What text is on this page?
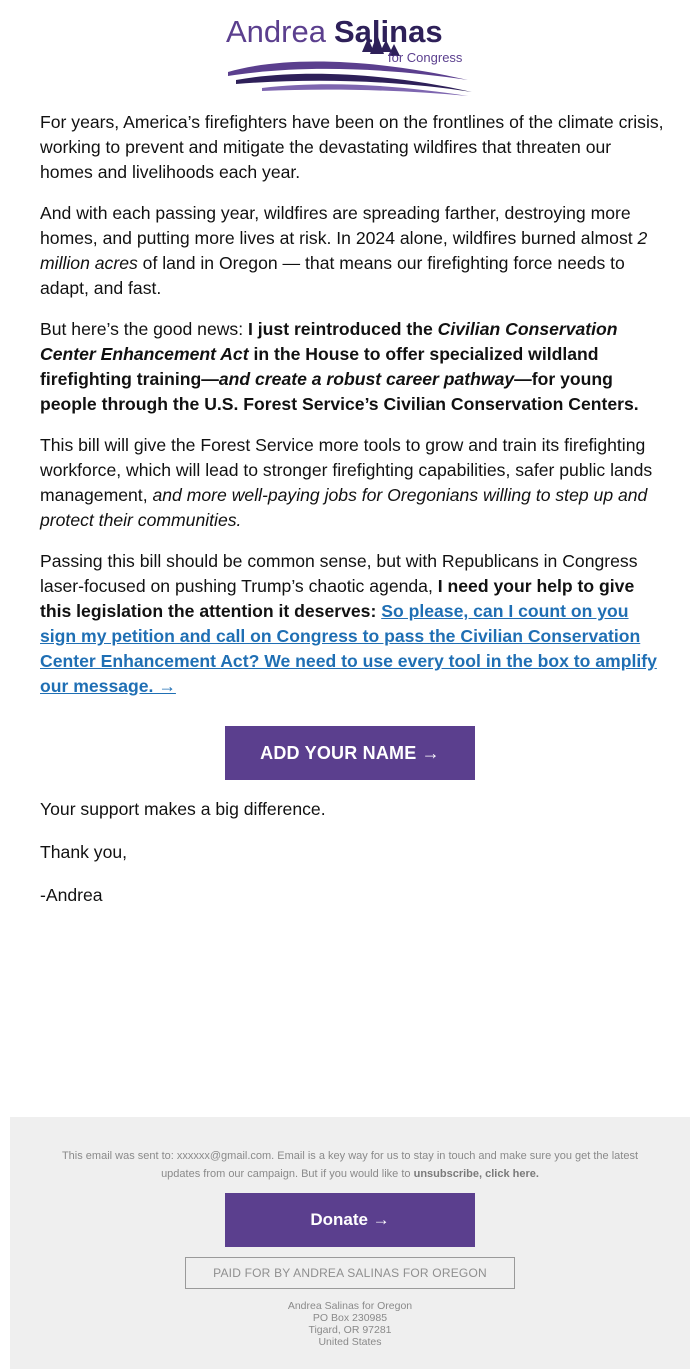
Andrea Salinas
for Congress

For years, America’s firefighters have been on the frontlines of the climate crisis, working to prevent and mitigate the devastating wildfires that threaten our homes and livelihoods each year.

And with each passing year, wildfires are spreading farther, destroying more homes, and putting more lives at risk. In 2024 alone, wildfires burned almost 2 million acres of land in Oregon — that means our firefighting force needs to adapt, and fast.

But here’s the good news: I just reintroduced the Civilian Conservation Center Enhancement Act in the House to offer specialized wildland firefighting training—and create a robust career pathway—for young people through the U.S. Forest Service’s Civilian Conservation Centers.

This bill will give the Forest Service more tools to grow and train its firefighting workforce, which will lead to stronger firefighting capabilities, safer public lands management, and more well-paying jobs for Oregonians willing to step up and protect their communities.

Passing this bill should be common sense, but with Republicans in Congress laser-focused on pushing Trump’s chaotic agenda, I need your help to give this legislation the attention it deserves: So please, can I count on you sign my petition and call on Congress to pass the Civilian Conservation Center Enhancement Act? We need to use every tool in the box to amplify our message. →

ADD YOUR NAME →

Your support makes a big difference.

Thank you,

-Andrea

This email was sent to: xxxxxx@gmail.com. Email is a key way for us to stay in touch and make sure you get the latest updates from our campaign. But if you would like to unsubscribe, click here.
Donate →
PAID FOR BY ANDREA SALINAS FOR OREGON
Andrea Salinas for Oregon
PO Box 230985
Tigard, OR 97281
United States
